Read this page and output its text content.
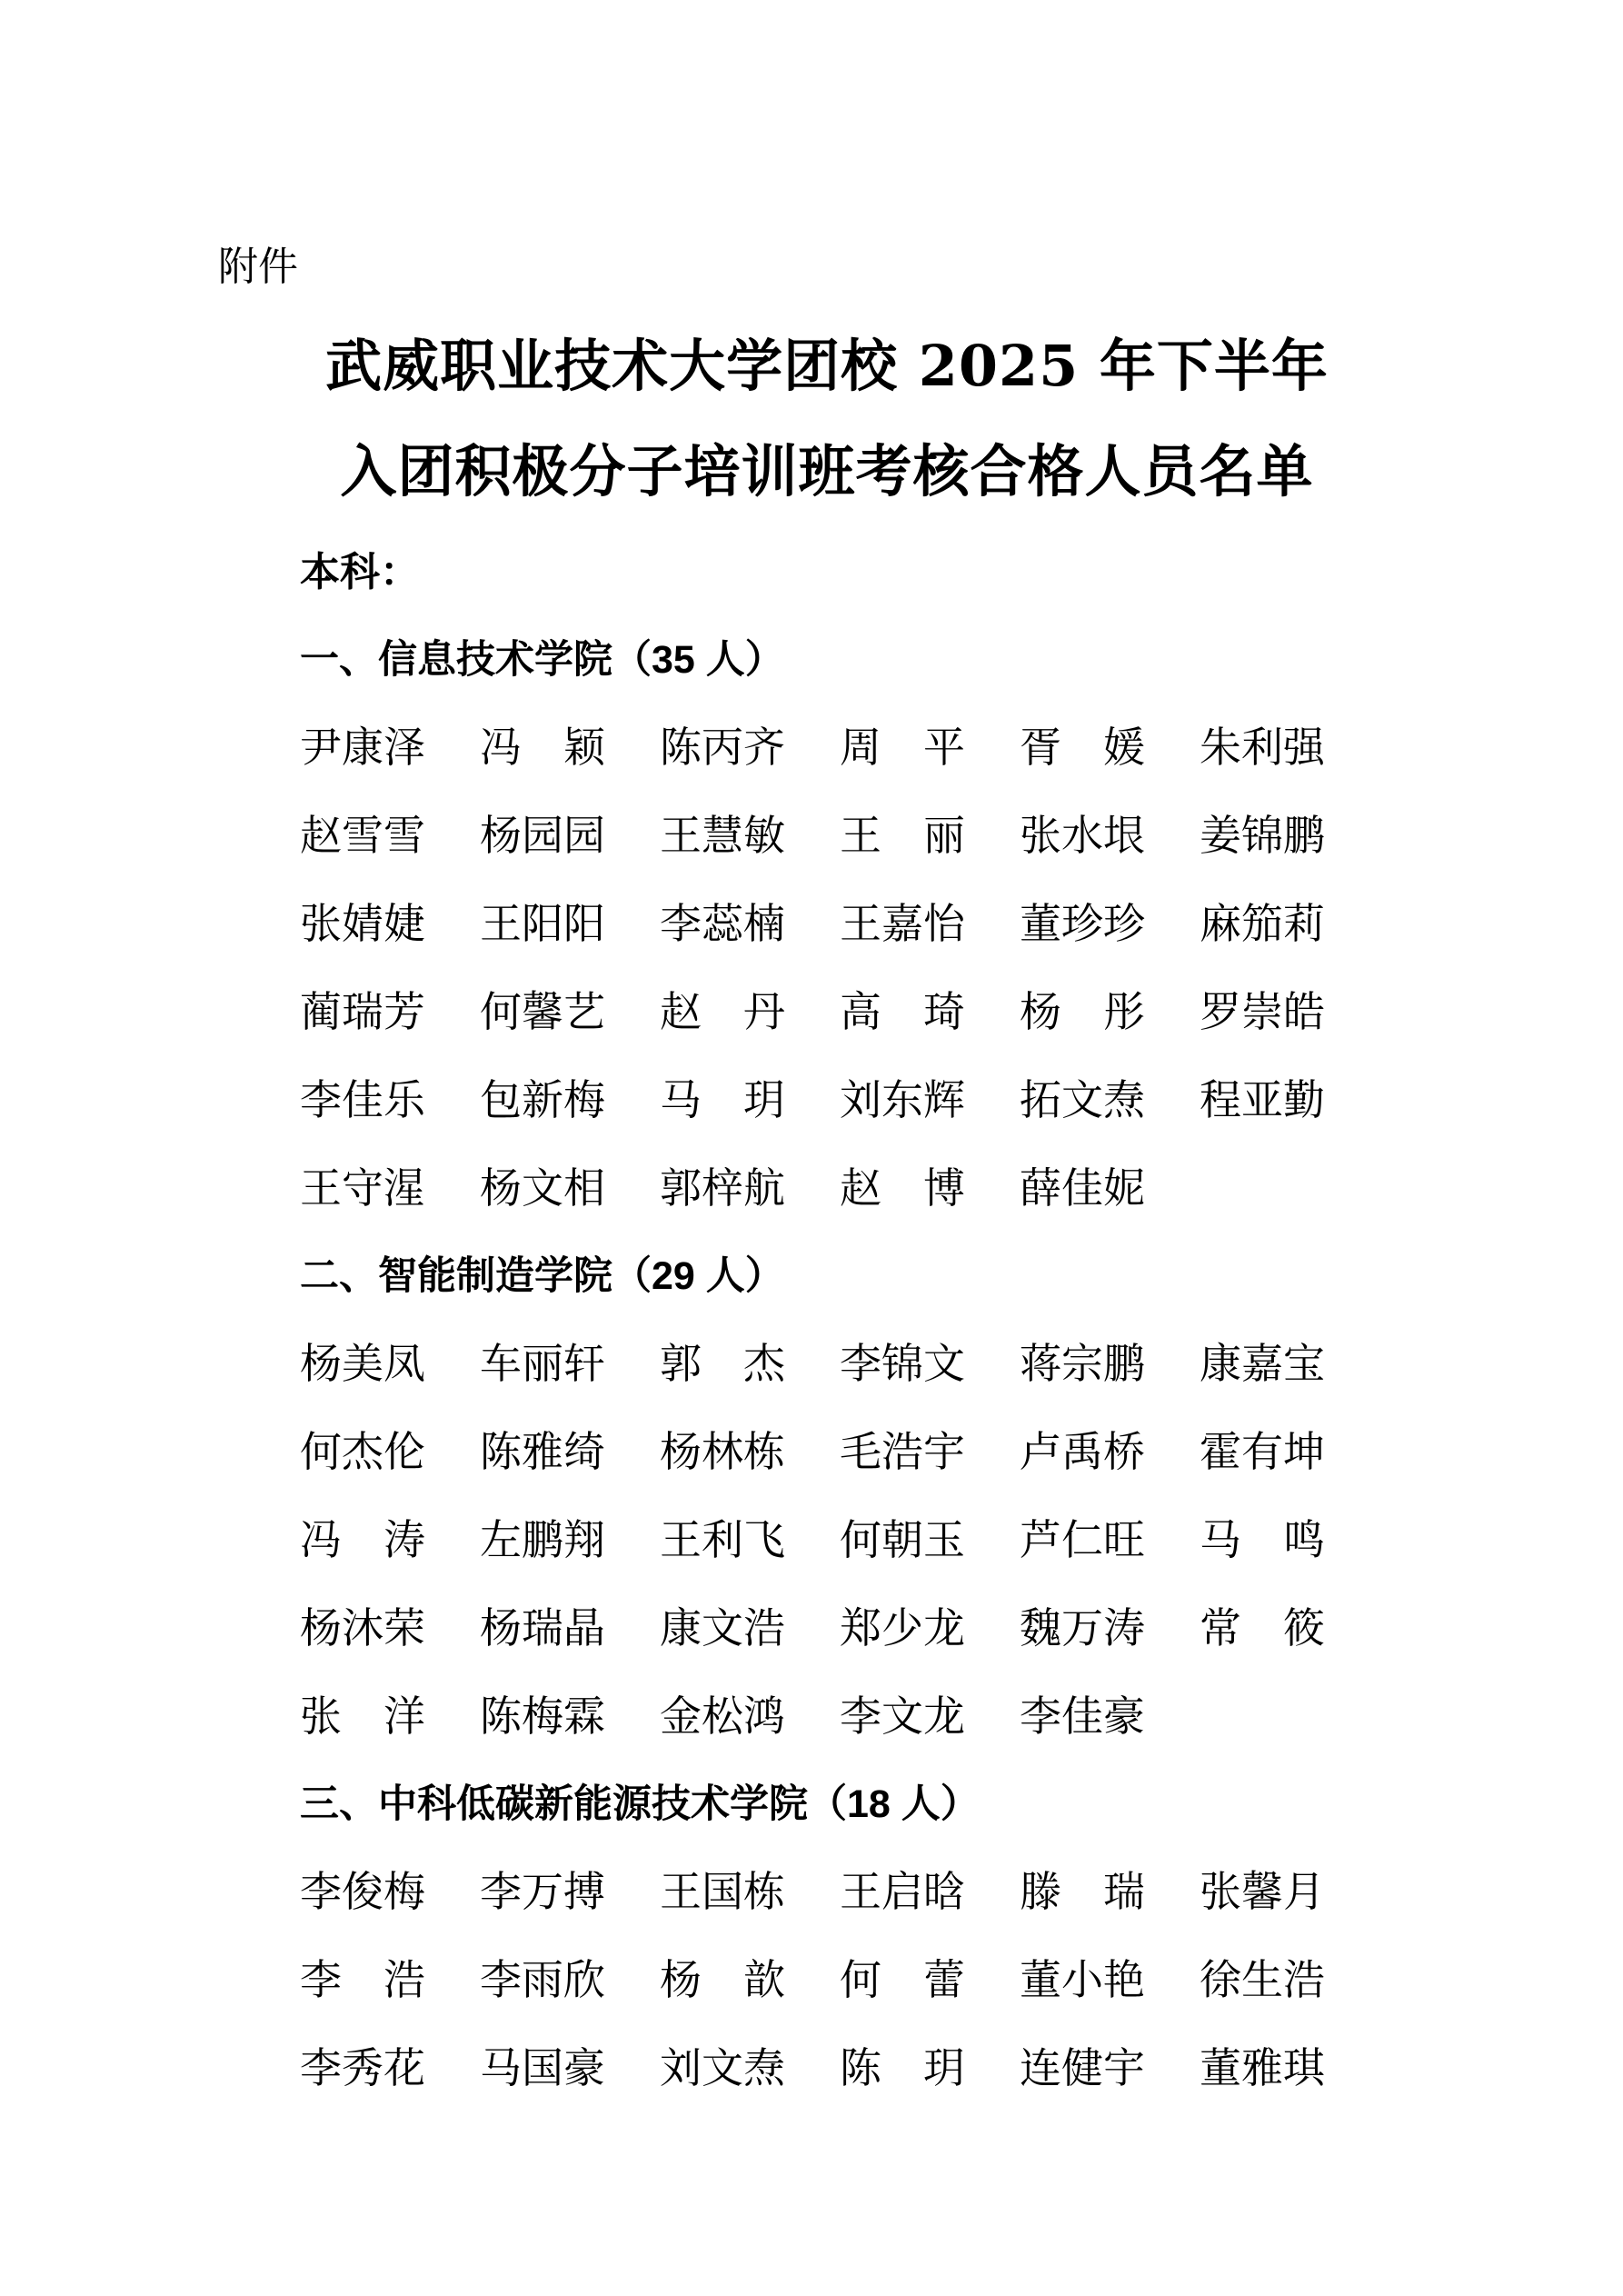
附件
武威职业技术大学团校 2025 年下半年
入团积极分子培训班考核合格人员名单
本科：
一、信息技术学院（35 人）
尹康泽 冯颖 陈丙齐 周平 胥媛 朱利强
赵雪雪 杨园园 王慧敏 王丽 张水垠 姜锦鹏
张婧婕 王阳阳 李蕊楠 王嘉怡 董珍珍 麻笳莉
蔺瑞芳 何馨艺 赵丹 高琦 杨彤 罗崇皓
李佳乐 包新梅 马玥 刘东辉 拓文焘 程亚勤
王守湦 杨文相 郭梓航 赵博 薛佳妮
二、智能制造学院（29 人）
杨美凤 车丽轩 郭杰 李锦文 蒋宗鹏 康嘉宝
何杰伦 陈雅绮 杨林栋 毛浩宇 卢禹桥 霍有坤
冯涛 左鹏翔 王利飞 何朝玉 芦仁旺 马鸣
杨沐荣 杨瑞晶 康文浩 郑少龙 魏万涛 常筱
张洋 陈梅霖 金松鸿 李文龙 李佳豪
三、中科低碳新能源技术学院（18 人）
李俊梅 李万搏 王国栋 王启晗 滕瑞 张馨月
李浩 李雨欣 杨歆 何蕾 董小艳 徐生浩
李秀花 马国豪 刘文焘 陈玥 连健宇 董雅琪
